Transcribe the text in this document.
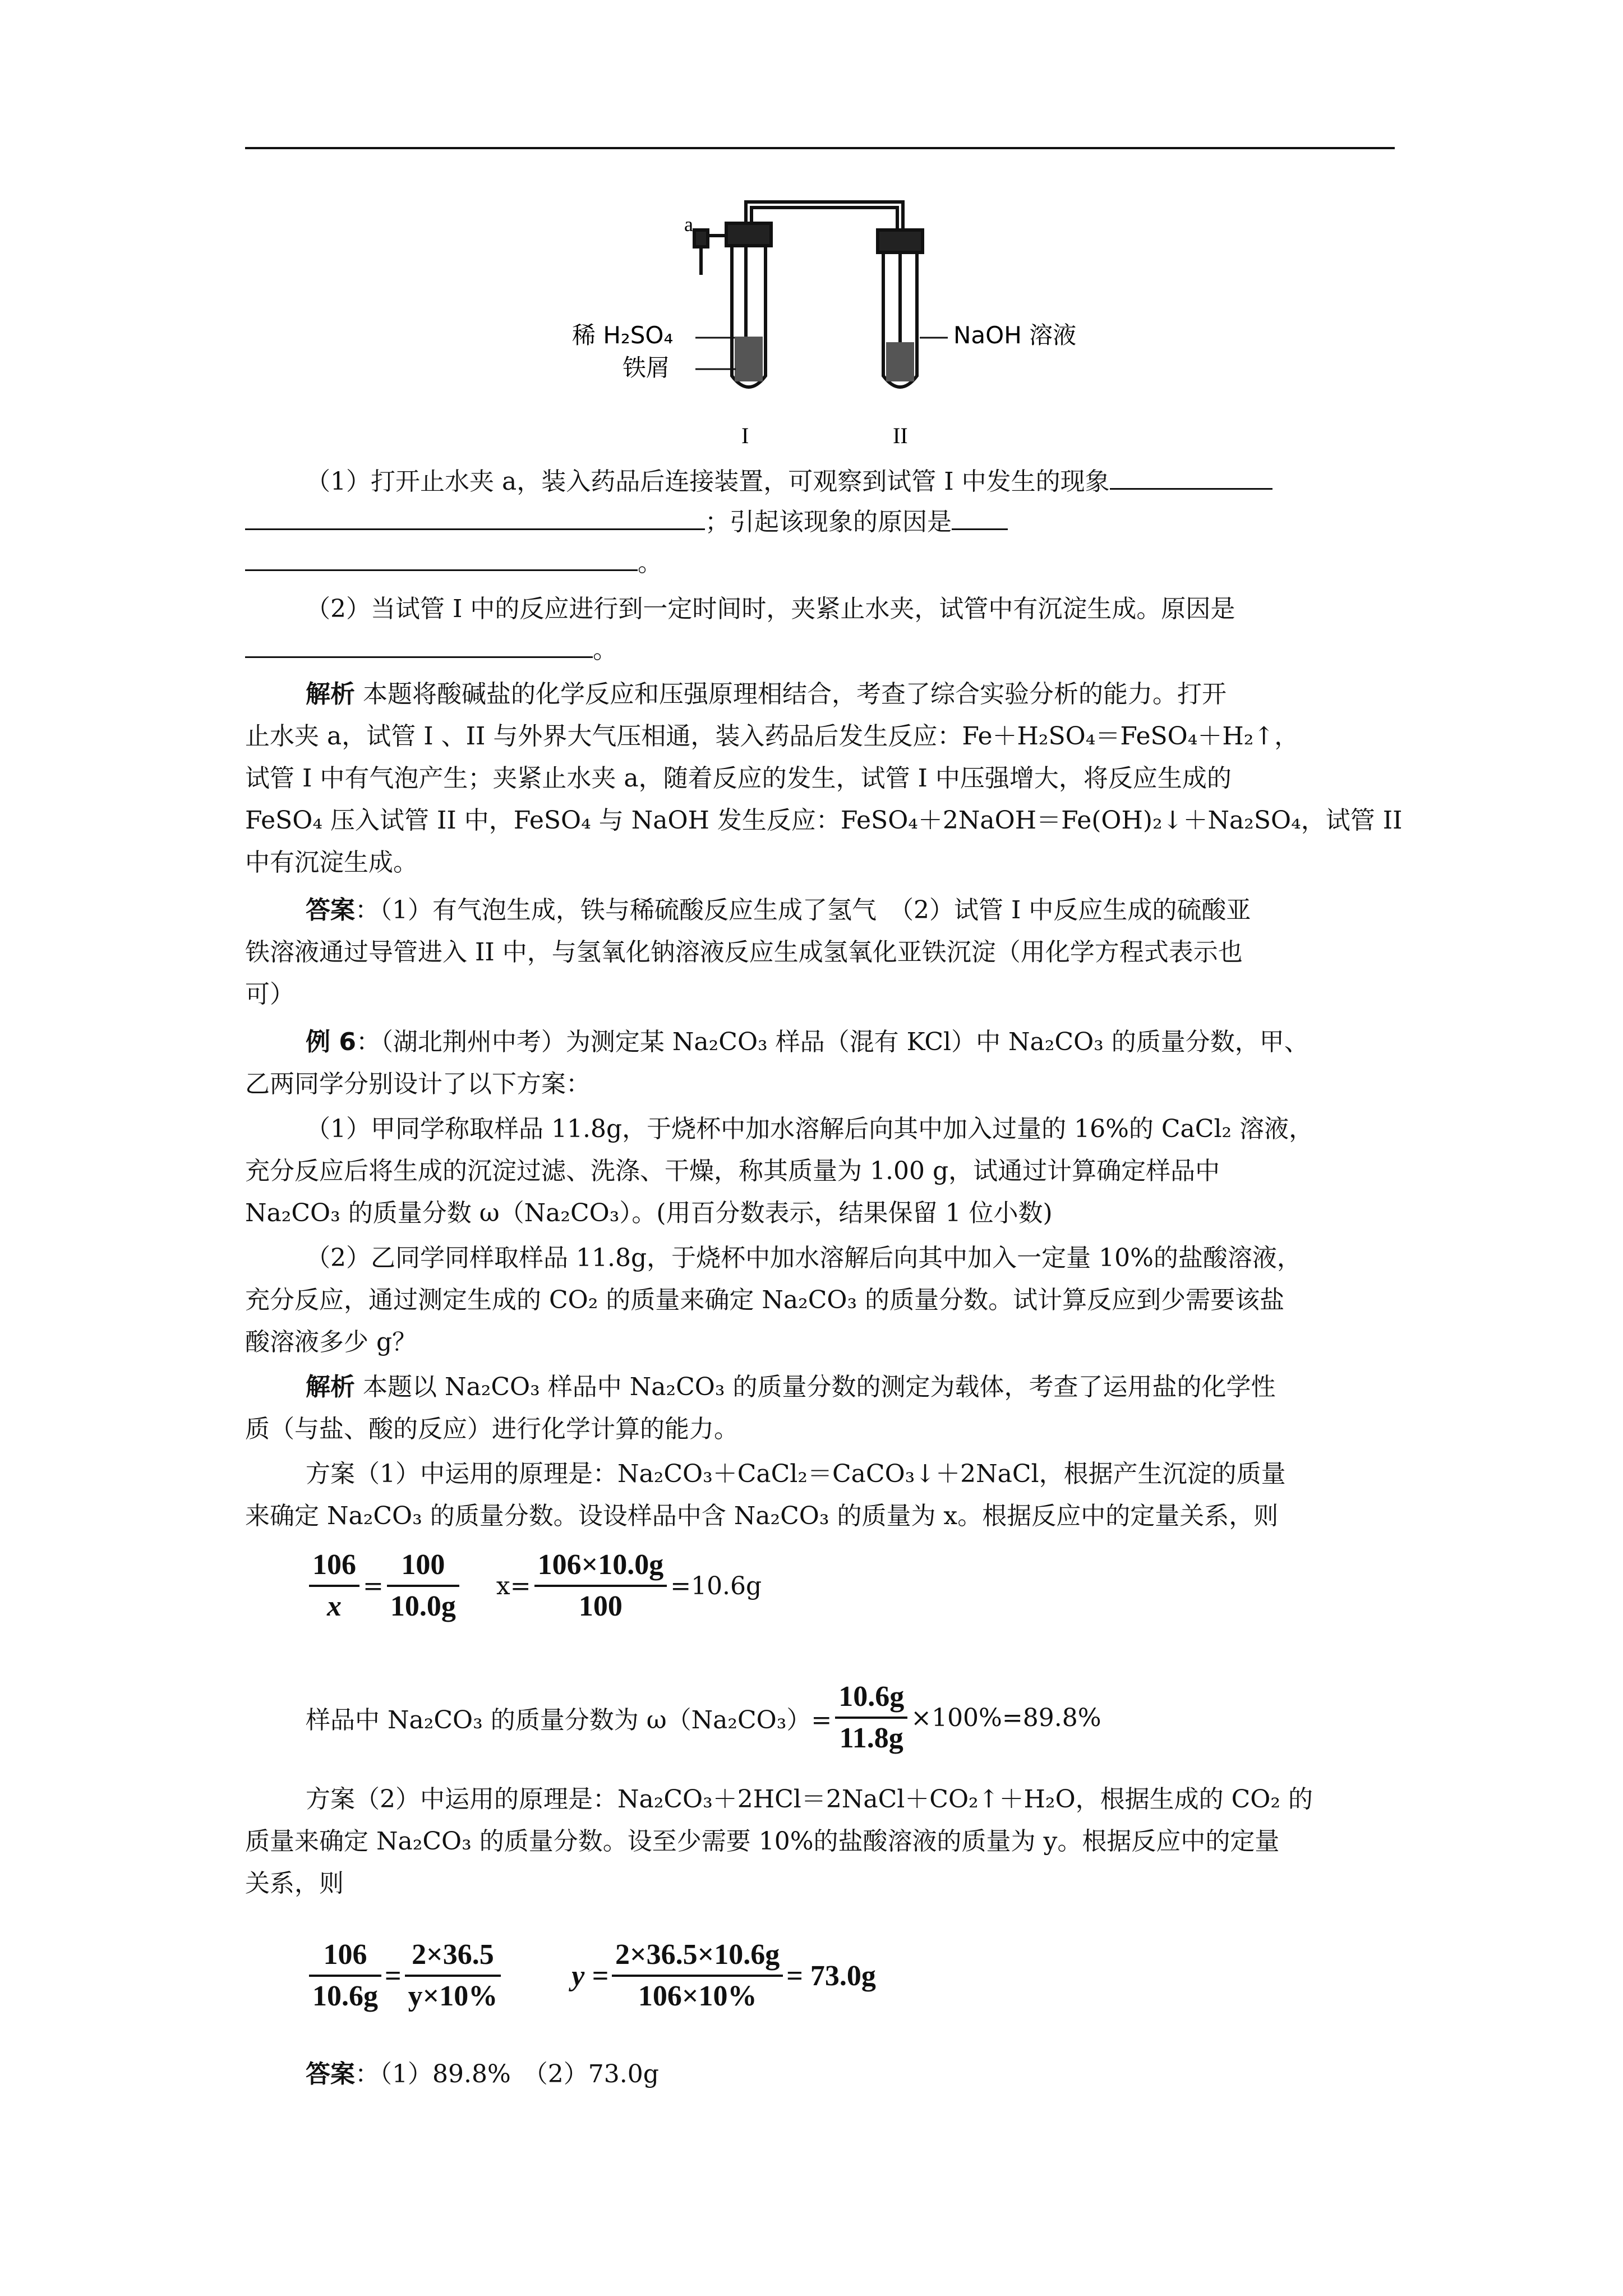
a
稀 H₂SO₄
铁屑
NaOH 溶液
I	II
（1）打开止水夹 a，装入药品后连接装置，可观察到试管 I 中发生的现象
；引起该现象的原因是
。
（2）当试管 I 中的反应进行到一定时间时，夹紧止水夹，试管中有沉淀生成。原因是
。
解析 本题将酸碱盐的化学反应和压强原理相结合，考查了综合实验分析的能力。打开
止水夹 a，试管 I 、II 与外界大气压相通，装入药品后发生反应：Fe＋H₂SO₄＝FeSO₄＋H₂↑，
试管 I 中有气泡产生；夹紧止水夹 a，随着反应的发生，试管 I 中压强增大，将反应生成的
FeSO₄ 压入试管 II 中，FeSO₄ 与 NaOH 发生反应：FeSO₄＋2NaOH＝Fe(OH)₂↓＋Na₂SO₄，试管 II
中有沉淀生成。
答案：（1）有气泡生成，铁与稀硫酸反应生成了氢气　（2）试管 I 中反应生成的硫酸亚
铁溶液通过导管进入 II 中，与氢氧化钠溶液反应生成氢氧化亚铁沉淀（用化学方程式表示也
可）
例 6：（湖北荆州中考）为测定某 Na₂CO₃ 样品（混有 KCl）中 Na₂CO₃ 的质量分数，甲、
乙两同学分别设计了以下方案：
（1）甲同学称取样品 11.8g，于烧杯中加水溶解后向其中加入过量的 16%的 CaCl₂ 溶液，
充分反应后将生成的沉淀过滤、洗涤、干燥，称其质量为 1.00 g，试通过计算确定样品中
Na₂CO₃ 的质量分数 ω（Na₂CO₃）。(用百分数表示，结果保留 1 位小数)
（2）乙同学同样取样品 11.8g，于烧杯中加水溶解后向其中加入一定量 10%的盐酸溶液，
充分反应，通过测定生成的 CO₂ 的质量来确定 Na₂CO₃ 的质量分数。试计算反应到少需要该盐
酸溶液多少 g？
解析 本题以 Na₂CO₃ 样品中 Na₂CO₃ 的质量分数的测定为载体，考查了运用盐的化学性
质（与盐、酸的反应）进行化学计算的能力。
方案（1）中运用的原理是：Na₂CO₃＋CaCl₂＝CaCO₃↓＋2NaCl，根据产生沉淀的质量
来确定 Na₂CO₃ 的质量分数。设设样品中含 Na₂CO₃ 的质量为 x。根据反应中的定量关系，则
$\frac{106}{x} = \frac{100}{10.0g} x= \frac{106\times 10.0g}{100} =10.6g$
样品中 Na₂CO₃ 的质量分数为 $\omega(Na_2CO_3)= \frac{10.6g}{11.8g} \times 100\%=89.8\%$
方案（2）中运用的原理是：Na₂CO₃＋2HCl＝2NaCl＋CO₂↑＋H₂O，根据生成的 CO₂ 的
质量来确定 Na₂CO₃ 的质量分数。设至少需要 10%的盐酸溶液的质量为 y。根据反应中的定量
关系，则
$\frac{106}{10.6g} = \frac{2\times 36.5}{y\times 10\%}$ $y = \frac{2\times 36.5\times 10.6g}{106\times 10\%} = 73.0g$
答案：（1）89.8%　（2）73.0g
